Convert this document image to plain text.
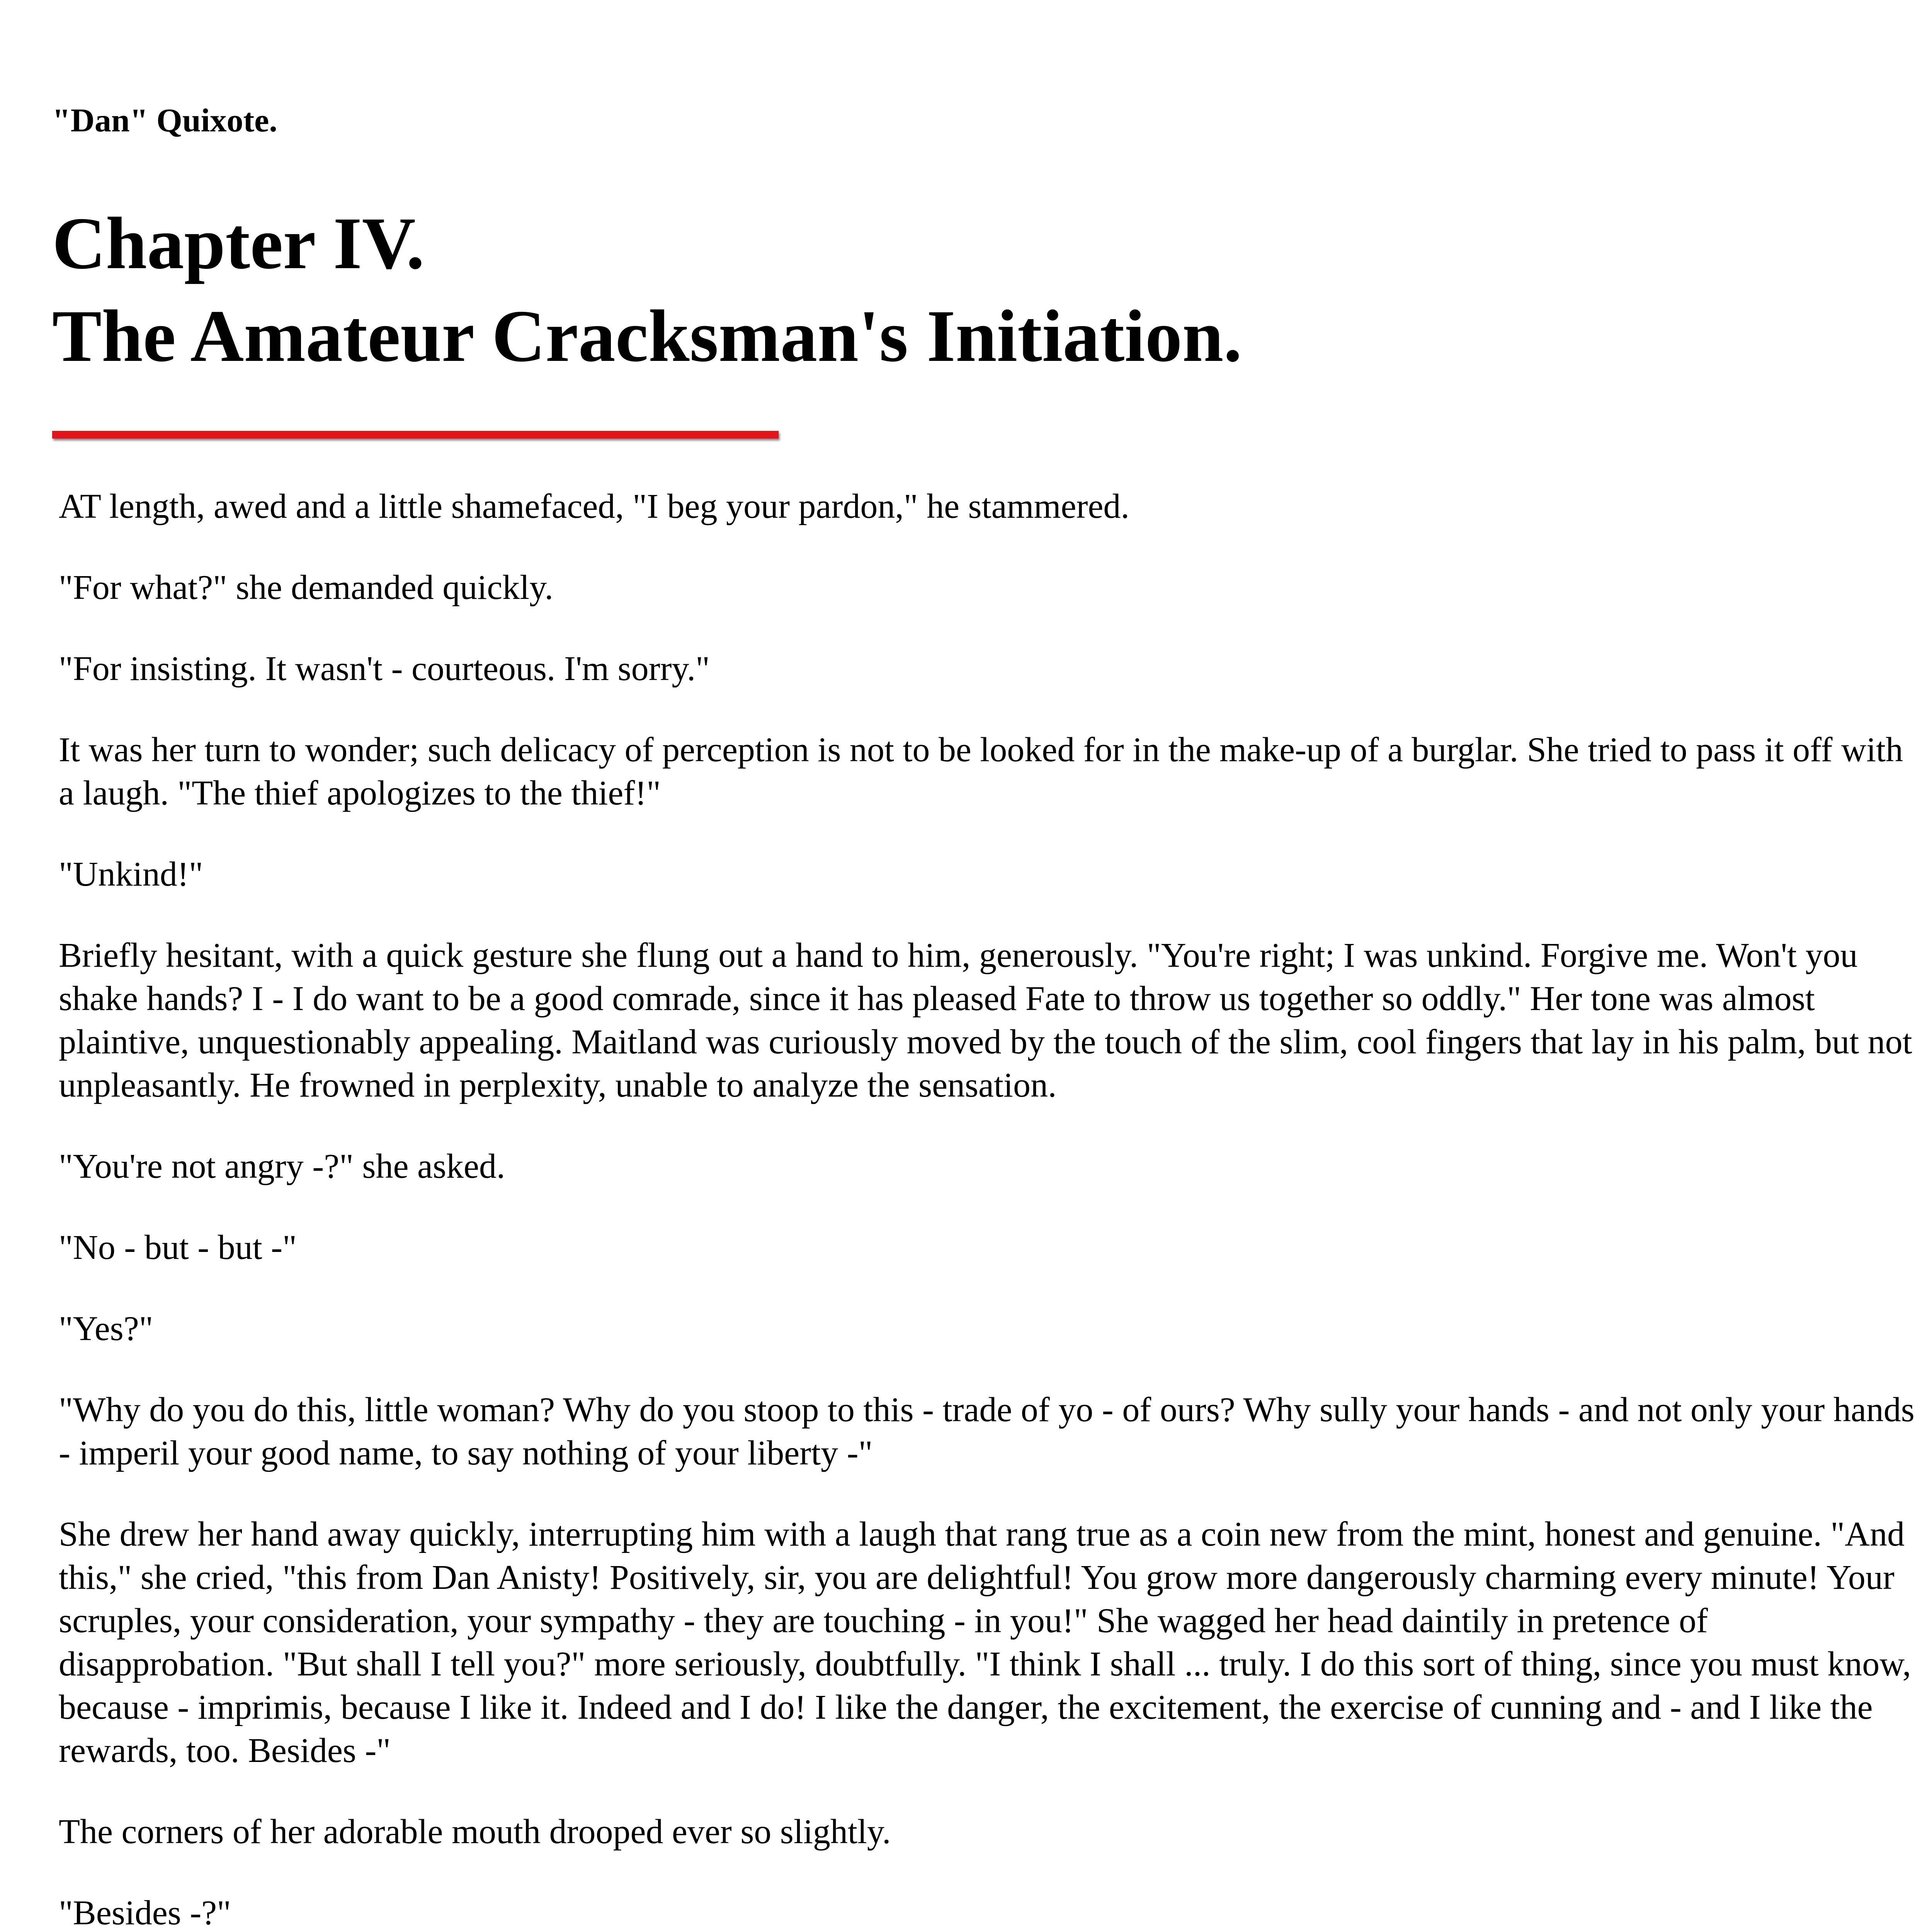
"Dan" Quixote.
Chapter IV.
The Amateur Cracksman's Initiation.

AT length, awed and a little shamefaced, "I beg your pardon," he stammered.

"For what?" she demanded quickly.

"For insisting. It wasn't - courteous. I'm sorry."

It was her turn to wonder; such delicacy of perception is not to be looked for in the make-up of a burglar. She tried to pass it off with a laugh. "The thief apologizes to the thief!"

"Unkind!"

Briefly hesitant, with a quick gesture she flung out a hand to him, generously. "You're right; I was unkind. Forgive me. Won't you shake hands? I - I do want to be a good comrade, since it has pleased Fate to throw us together so oddly." Her tone was almost plaintive, unquestionably appealing. Maitland was curiously moved by the touch of the slim, cool fingers that lay in his palm, but not unpleasantly. He frowned in perplexity, unable to analyze the sensation.

"You're not angry -?" she asked.

"No - but - but -"

"Yes?"

"Why do you do this, little woman? Why do you stoop to this - trade of yo - of ours? Why sully your hands - and not only your hands - imperil your good name, to say nothing of your liberty -"

She drew her hand away quickly, interrupting him with a laugh that rang true as a coin new from the mint, honest and genuine. "And this," she cried, "this from Dan Anisty! Positively, sir, you are delightful! You grow more dangerously charming every minute! Your scruples, your consideration, your sympathy - they are touching - in you!" She wagged her head daintily in pretence of disapprobation. "But shall I tell you?" more seriously, doubtfully. "I think I shall ... truly. I do this sort of thing, since you must know, because - imprimis, because I like it. Indeed and I do! I like the danger, the excitement, the exercise of cunning and - and I like the rewards, too. Besides -"

The corners of her adorable mouth drooped ever so slightly.

"Besides -?"
